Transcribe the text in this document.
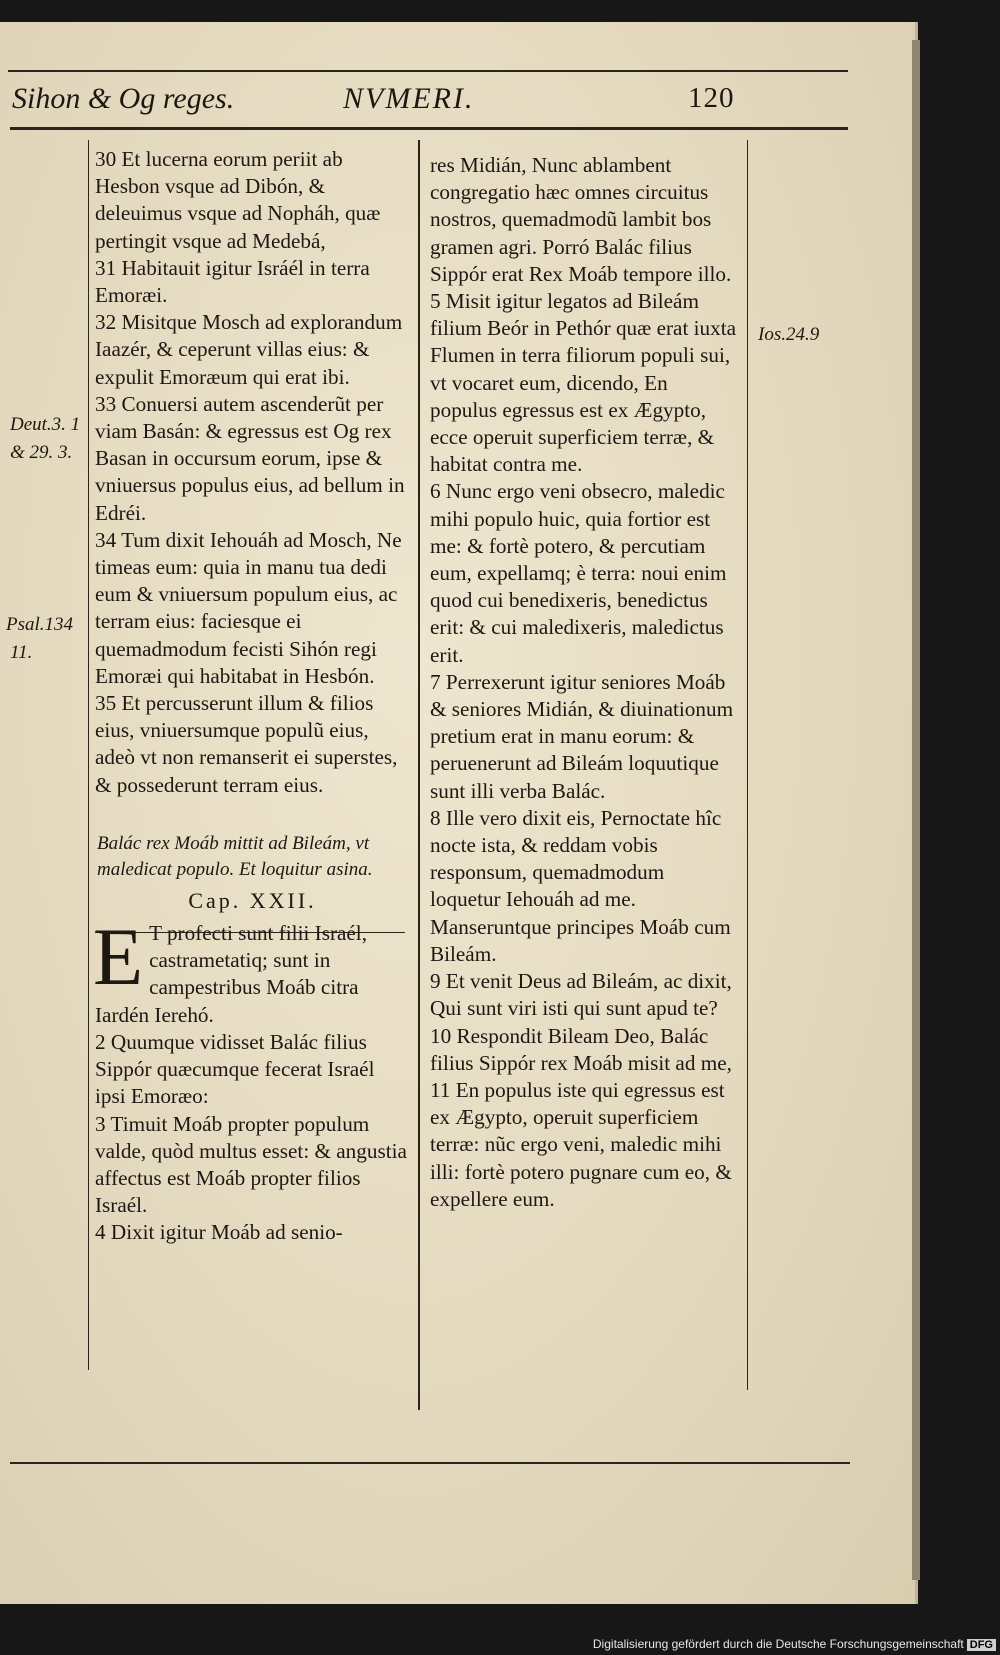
Sihon & Og reges.	NVMERI.	120
Deut.3. 1
& 29. 3.
Psal.134
11.
Ios.24.9

30 Et lucerna eorum periit ab Hesbon vsque ad Dibón, & deleuimus vsque ad Nopháh, quæ pertingit vsque ad Medebá,

31 Habitauit igitur Isráél in terra Emoræi.

32 Misitque Mosch ad explorandum Iaazér, & ceperunt villas eius: & expulit Emoræum qui erat ibi.

33 Conuersi autem ascenderũt per viam Basán: & egressus est Og rex Basan in occursum eorum, ipse & vniuersus populus eius, ad bellum in Edréi.

34 Tum dixit Iehouáh ad Mosch, Ne timeas eum: quia in manu tua dedi eum & vniuersum populum eius, ac terram eius: faciesque ei quemadmodum fecisti Sihón regi Emoræi qui habitabat in Hesbón.

35 Et percusserunt illum & filios eius, vniuersumque populũ eius, adeò vt non remanserit ei superstes, & possederunt terram eius.

Balác rex Moáb mittit ad Bileám, vt maledicat populo. Et loquitur asina.

Cap. XXII.

E T profecti sunt filii Israél, castrametatiq; sunt in campestribus Moáb citra Iardén Ierehó.

2 Quumque vidisset Balác filius Sippór quæcumque fecerat Israél ipsi Emoræo:

3 Timuit Moáb propter populum valde, quòd multus esset: & angustia affectus est Moáb propter filios Israél.

4 Dixit igitur Moáb ad senio-

res Midián, Nunc ablambent congregatio hæc omnes circuitus nostros, quemadmodũ lambit bos gramen agri. Porró Balác filius Sippór erat Rex Moáb tempore illo.

5 Misit igitur legatos ad Bileám filium Beór in Pethór quæ erat iuxta Flumen in terra filiorum populi sui, vt vocaret eum, dicendo, En populus egressus est ex Ægypto, ecce operuit superficiem terræ, & habitat contra me.

6 Nunc ergo veni obsecro, maledic mihi populo huic, quia fortior est me: & fortè potero, & percutiam eum, expellamq; è terra: noui enim quod cui benedixeris, benedictus erit: & cui maledixeris, maledictus erit.

7 Perrexerunt igitur seniores Moáb & seniores Midián, & diuinationum pretium erat in manu eorum: & peruenerunt ad Bileám loquutique sunt illi verba Balác.

8 Ille vero dixit eis, Pernoctate hîc nocte ista, & reddam vobis responsum, quemadmodum loquetur Iehouáh ad me. Manseruntque principes Moáb cum Bileám.

9 Et venit Deus ad Bileám, ac dixit, Qui sunt viri isti qui sunt apud te?

10 Respondit Bileam Deo, Balác filius Sippór rex Moáb misit ad me,

11 En populus iste qui egressus est ex Ægypto, operuit superficiem terræ: nũc ergo veni, maledic mihi illi: fortè potero pugnare cum eo, & expellere eum.

Digitalisierung gefördert durch die Deutsche Forschungsgemeinschaft DFG
